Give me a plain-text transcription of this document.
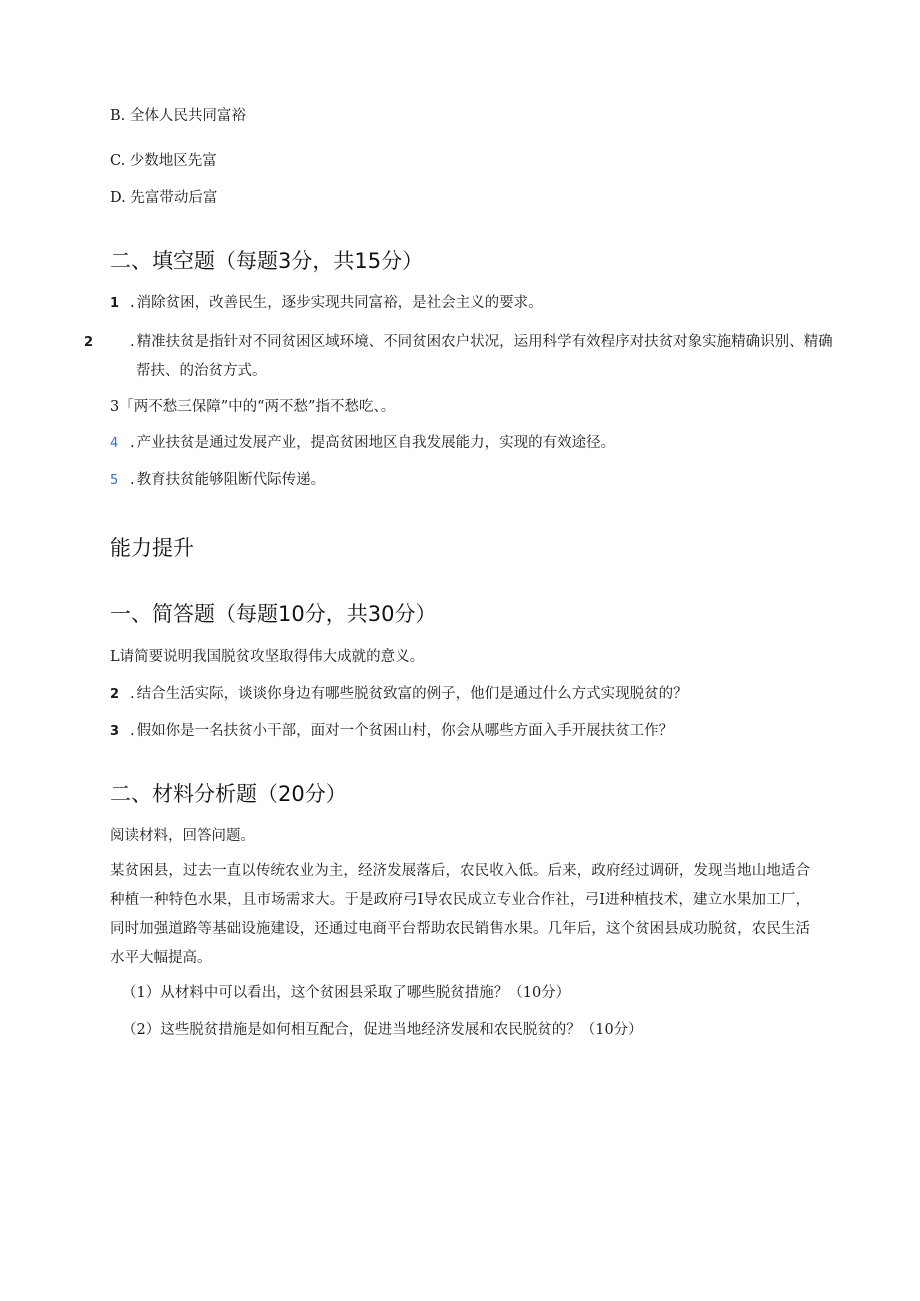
B. 全体人民共同富裕
C. 少数地区先富
D. 先富带动后富
二、填空题（每题3分，共15分）
1 . 消除贫困，改善民生，逐步实现共同富裕，是社会主义的要求。
2	. 精准扶贫是指针对不同贫困区域环境、不同贫困农户状况，运用科学有效程序对扶贫对象实施精确识别、精确帮扶、的治贫方式。
3「两不愁三保障”中的“两不愁”指不愁吃、。
4 . 产业扶贫是通过发展产业，提高贫困地区自我发展能力，实现的有效途径。
5 . 教育扶贫能够阻断代际传递。
能力提升
一、简答题（每题10分，共30分）
L请简要说明我国脱贫攻坚取得伟大成就的意义。
2 . 结合生活实际，谈谈你身边有哪些脱贫致富的例子，他们是通过什么方式实现脱贫的？
3 . 假如你是一名扶贫小干部，面对一个贫困山村，你会从哪些方面入手开展扶贫工作？
二、材料分析题（20分）
阅读材料，回答问题。
某贫困县，过去一直以传统农业为主，经济发展落后，农民收入低。后来，政府经过调研，发现当地山地适合种植一种特色水果，且市场需求大。于是政府弓I导农民成立专业合作社，弓I进种植技术，建立水果加工厂，同时加强道路等基础设施建设，还通过电商平台帮助农民销售水果。几年后，这个贫困县成功脱贫，农民生活水平大幅提高。
（1）从材料中可以看出，这个贫困县采取了哪些脱贫措施？（10分）
（2）这些脱贫措施是如何相互配合，促进当地经济发展和农民脱贫的？（10分）
